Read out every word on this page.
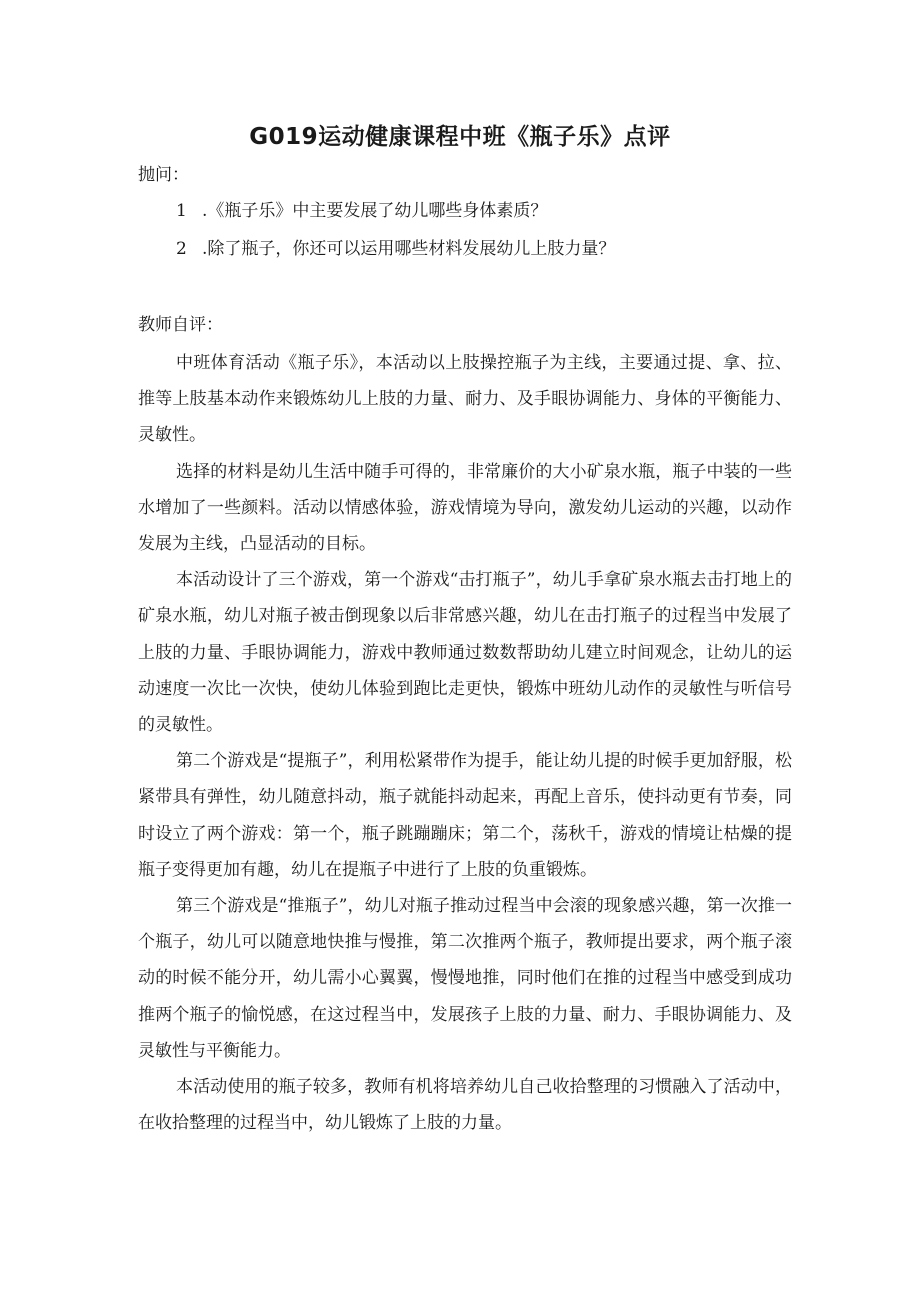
G019运动健康课程中班《瓶子乐》点评
抛问：
1 .《瓶子乐》中主要发展了幼儿哪些身体素质？
2 .除了瓶子，你还可以运用哪些材料发展幼儿上肢力量？
教师自评：

中班体育活动《瓶子乐》，本活动以上肢操控瓶子为主线，主要通过提、拿、拉、推等上肢基本动作来锻炼幼儿上肢的力量、耐力、及手眼协调能力、身体的平衡能力、灵敏性。

选择的材料是幼儿生活中随手可得的，非常廉价的大小矿泉水瓶，瓶子中装的一些水增加了一些颜料。活动以情感体验，游戏情境为导向，激发幼儿运动的兴趣，以动作发展为主线，凸显活动的目标。

本活动设计了三个游戏，第一个游戏“击打瓶子”，幼儿手拿矿泉水瓶去击打地上的矿泉水瓶，幼儿对瓶子被击倒现象以后非常感兴趣，幼儿在击打瓶子的过程当中发展了上肢的力量、手眼协调能力，游戏中教师通过数数帮助幼儿建立时间观念，让幼儿的运动速度一次比一次快，使幼儿体验到跑比走更快，锻炼中班幼儿动作的灵敏性与听信号的灵敏性。

第二个游戏是“提瓶子”，利用松紧带作为提手，能让幼儿提的时候手更加舒服，松紧带具有弹性，幼儿随意抖动，瓶子就能抖动起来，再配上音乐，使抖动更有节奏，同时设立了两个游戏：第一个，瓶子跳蹦蹦床；第二个，荡秋千，游戏的情境让枯燥的提瓶子变得更加有趣，幼儿在提瓶子中进行了上肢的负重锻炼。

第三个游戏是“推瓶子”，幼儿对瓶子推动过程当中会滚的现象感兴趣，第一次推一个瓶子，幼儿可以随意地快推与慢推，第二次推两个瓶子，教师提出要求，两个瓶子滚动的时候不能分开，幼儿需小心翼翼，慢慢地推，同时他们在推的过程当中感受到成功推两个瓶子的愉悦感，在这过程当中，发展孩子上肢的力量、耐力、手眼协调能力、及灵敏性与平衡能力。

本活动使用的瓶子较多，教师有机将培养幼儿自己收拾整理的习惯融入了活动中，在收拾整理的过程当中，幼儿锻炼了上肢的力量。
